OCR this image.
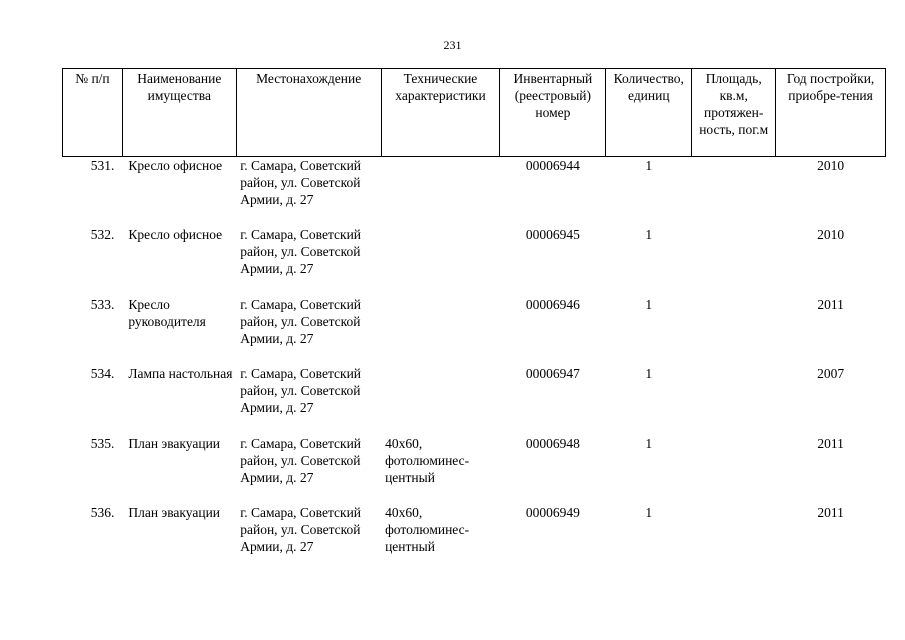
231
№ п/п	Наименование имущества	Местонахождение	Технические характеристики	Инвентарный (реестровый) номер	Количество, единиц	Площадь, кв.м, протяжен-ность, пог.м	Год постройки, приобре-тения
531.	Кресло офисное	г. Самара, Советский район, ул. Советской Армии, д. 27		00006944	1		2010
532.	Кресло офисное	г. Самара, Советский район, ул. Советской Армии, д. 27		00006945	1		2010
533.	Кресло руководителя	г. Самара, Советский район, ул. Советской Армии, д. 27		00006946	1		2011
534.	Лампа настольная	г. Самара, Советский район, ул. Советской Армии, д. 27		00006947	1		2007
535.	План эвакуации	г. Самара, Советский район, ул. Советской Армии, д. 27	40х60, фотолюминес-центный	00006948	1		2011
536.	План эвакуации	г. Самара, Советский район, ул. Советской Армии, д. 27	40х60, фотолюминес-центный	00006949	1		2011
